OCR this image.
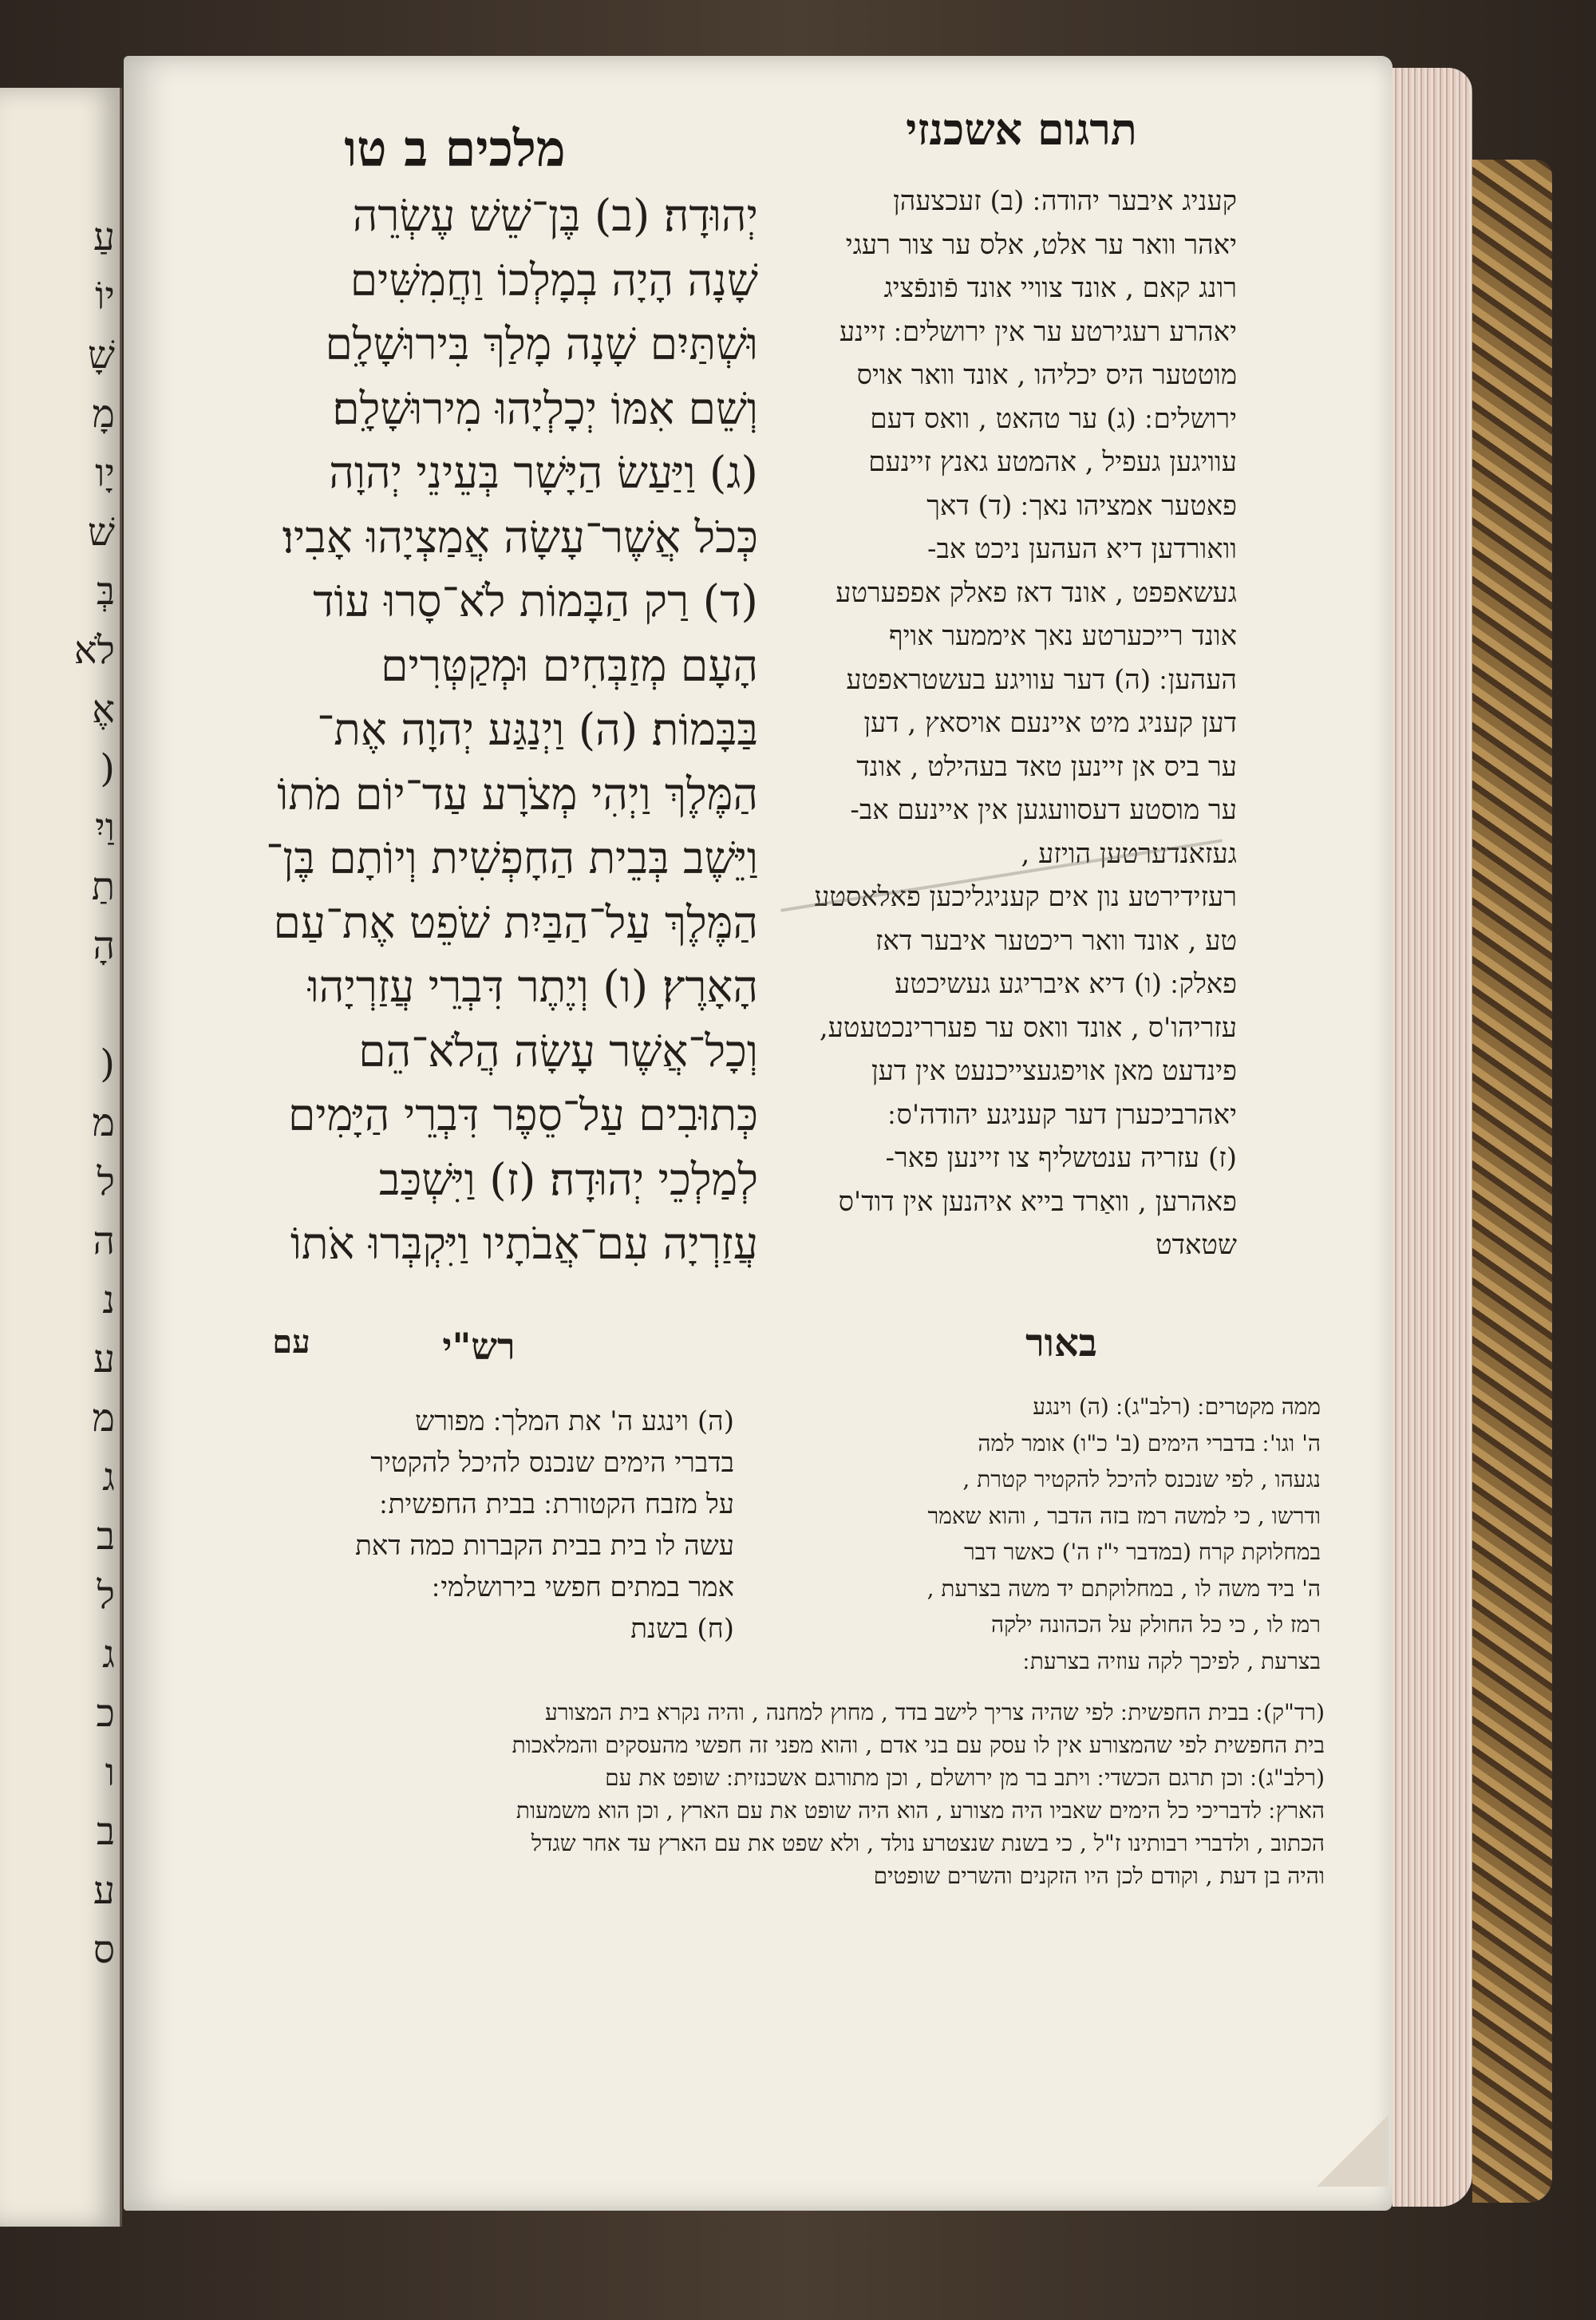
עַ
יוֹ
שָׁ
מָ
יָו
שׁ
בְּ
לֹא
אֶ
(
וַיִ
תַ
הָ
(
מ
ל
ה
נ
ע
מ
ג
ב
ל
ג
כ
ו
ב
ע
ס
מלכים ב טו	תרגום אשכנזי

יְהוּדָה׃ (ב) בֶּן־שֵׁשׁ עֶשְׂרֵה

שָׁנָה הָיָה בְמָלְכוֹ וַחֲמִשִּׁים

וּשְׁתַּיִם שָׁנָה מָלַךְ בִּירוּשָׁלִָם

וְשֵׁם אִמּוֹ יְכָלְיָהוּ מִירוּשָׁלִָם׃

(ג) וַיַּעַשׂ הַיָּשָׁר בְּעֵינֵי יְהוָה

כְּכֹל אֲשֶׁר־עָשָׂה אֲמַצְיָהוּ אָבִיו׃

(ד) רַק הַבָּמוֹת לֹא־סָרוּ עוֹד

הָעָם מְזַבְּחִים וּמְקַטְּרִים

בַּבָּמוֹת׃ (ה) וַיְנַגַּע יְהוָה אֶת־

הַמֶּלֶךְ וַיְהִי מְצֹרָע עַד־יוֹם מֹתוֹ

וַיֵּשֶׁב בְּבֵית הַחָפְשִׁית וְיוֹתָם בֶּן־

הַמֶּלֶךְ עַל־הַבַּיִת שֹׁפֵט אֶת־עַם

הָאָרֶץ׃ (ו) וְיֶתֶר דִּבְרֵי עֲזַרְיָהוּ

וְכָל־אֲשֶׁר עָשָׂה הֲלֹא־הֵם

כְּתוּבִים עַל־סֵפֶר דִּבְרֵי הַיָּמִים

לְמַלְכֵי יְהוּדָה׃ (ז) וַיִּשְׁכַּב

עֲזַרְיָה עִם־אֲבֹתָיו וַיִּקְבְּרוּ אֹתוֹ

קעניג איבער יהודה ׃ (ב) זעכצעהן

יאהר וואר ער אלט, אלס ער צור רעגי

רונג קאם , אונד צוויי אונד פֿונפֿציג

יאהרע רעגירטע ער אין ירושלים ׃ זיינע

מוטטער היס יכליהו , אונד וואר אויס

ירושלים ׃ (ג) ער טהאט , וואס דעם

עוויגען געפיל , אהמטע גאנץ זיינעם

פאטער אמציהו נאך ׃ (ד) דאך

וואורדען דיא העהען ניכט אב-

געשאפפט , אונד דאז פאלק אפפערטע

אונד רייכערטע נאך איממער אויף

העהען ׃ (ה) דער עוויגע בעשטראפטע

דען קעניג מיט איינעם אויסאץ , דען

ער ביס אן זיינען טאד בעהילט , אונד

ער מוסטע דעסוועגען אין איינעם אב-

געזאנדערטען הויזע ,

רעזידירטע נון אים קעניגליכען פאלאסטע

טע , אונד וואר ריכטער איבער דאז

פאלק ׃ (ו) דיא איבריגע געשיכטע

עזריהו'ס , אונד וואס ער פעררינכטעטע,

פינדעט מאן אויפגעצייכנעט אין דען

יאהרביכערן דער קעניגע יהודה'ס ׃

(ז) עזריה ענטשליף צו זיינען פאר-

פאהרען , וואַרד בייא איהנען אין דוד'ס

שטאדט

רש"י
עם

(ה) וינגע ה' את המלך ׃ מפורש

בדברי הימים שנכנס להיכל להקטיר

על מזבח הקטורת ׃ בבית החפשית ׃

עשה לו בית בבית הקברות כמה דאת

אמר במתים חפשי בירושלמי ׃

(ח) בשנת

באור

ממה מקטרים ׃ (רלב"ג) ׃ (ה) וינגע

ה' וגו' ׃ בדברי הימים (ב' כ"ו) אומר למה

נגעהו , לפי שנכנס להיכל להקטיר קטרת ,

ודרשו , כי למשה רמז בזה הדבר , והוא שאמר

במחלוקת קרח (במדבר י"ז ה') כאשר דבר

ה' ביד משה לו , במחלוקתם יד משה בצרעת ,

רמז לו , כי כל החולק על הכהונה ילקה

בצרעת , לפיכך לקה עוזיה בצרעת ׃

(רד"ק) ׃ בבית החפשית ׃ לפי שהיה צריך לישב בדד , מחוץ למחנה , והיה נקרא בית המצורע

בית החפשית לפי שהמצורע אין לו עסק עם בני אדם , והוא מפני זה חפשי מהעסקים והמלאכות

(רלב"ג) ׃ וכן תרגם הכשדי ׃ ויתב בר מן ירושלם , וכן מתורגם אשכנזית ׃ שופט את עם

הארץ ׃ לדבריכי כל הימים שאביו היה מצורע , הוא היה שופט את עם הארץ , וכן הוא משמעות

הכתוב , ולדברי רבותינו ז"ל , כי בשנת שנצטרע נולד , ולא שפט את עם הארץ עד אחר שגדל

והיה בן דעת , וקודם לכן היו הזקנים והשרים שופטים
